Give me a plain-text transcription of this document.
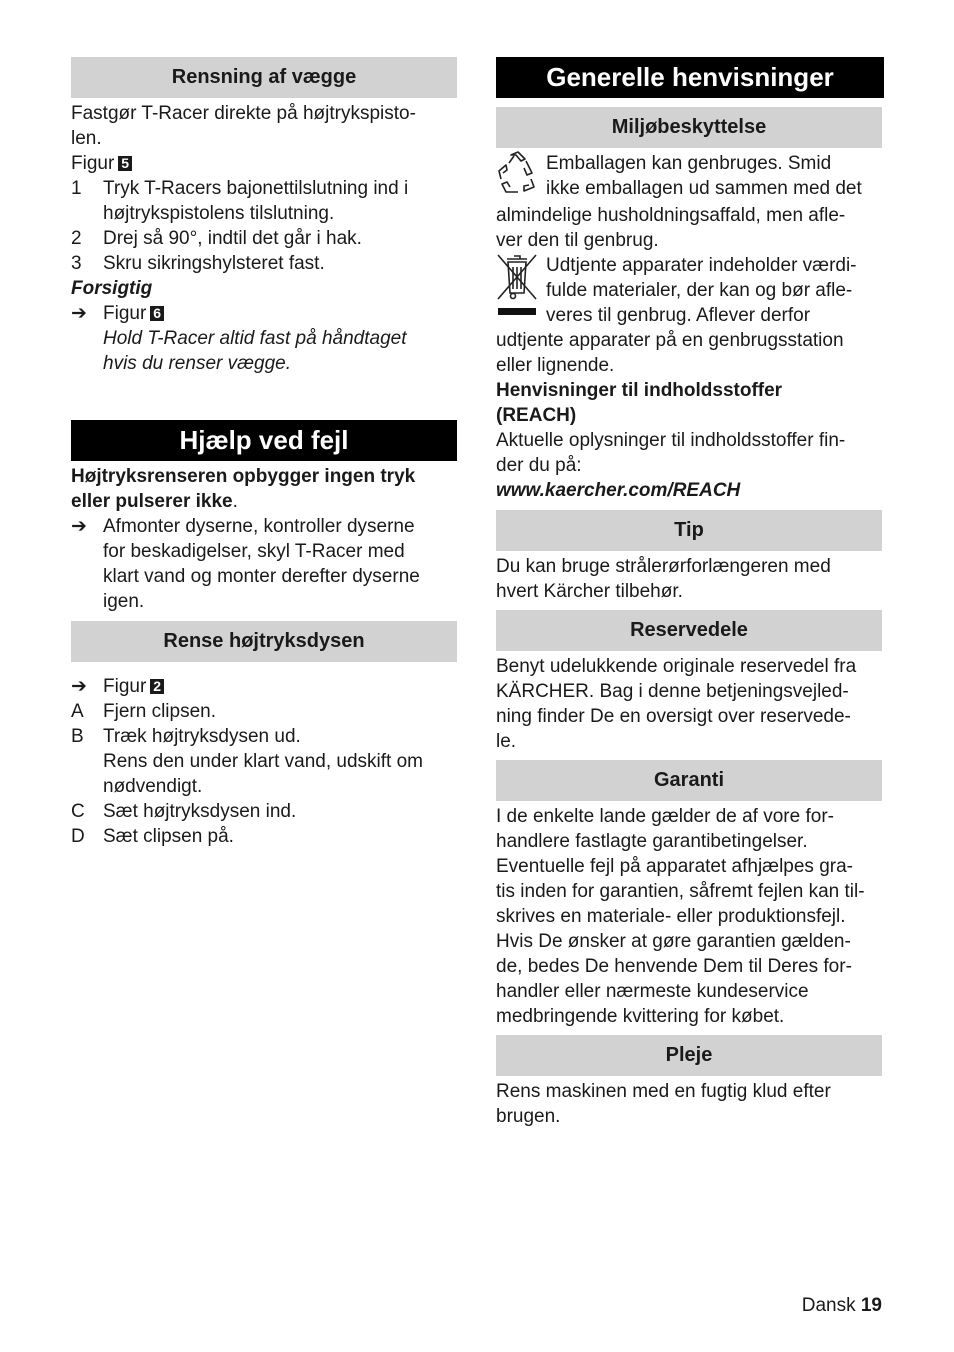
Rensning af vægge

Fastgør T-Racer direkte på højtrykspisto-

len.

Figur 5

1	Tryk T-Racers bajonettilslutning ind i
højtrykspistolens tilslutning.
2	Drej så 90°, indtil det går i hak.
3	Skru sikringshylsteret fast.

Forsigtig

➔ Figur 6
Hold T-Racer altid fast på håndtaget
hvis du renser vægge.
Hjælp ved fejl

Højtryksrenseren opbygger ingen tryk

eller pulserer ikke.

➔ Afmonter dyserne, kontroller dyserne
for beskadigelser, skyl T-Racer med
klart vand og monter derefter dyserne
igen.
Rense højtryksdysen
➔ Figur 2
A	Fjern clipsen.
B	Træk højtryksdysen ud.
Rens den under klart vand, udskift om
nødvendigt.
C Sæt højtryksdysen ind.
D Sæt clipsen på.
Generelle henvisninger
Miljøbeskyttelse

Emballagen kan genbruges. Smid

ikke emballagen ud sammen med det

almindelige husholdningsaffald, men afle-

ver den til genbrug.

Udtjente apparater indeholder værdi-

fulde materialer, der kan og bør afle-

veres til genbrug. Aflever derfor

udtjente apparater på en genbrugsstation

eller lignende.

Henvisninger til indholdsstoffer

(REACH)

Aktuelle oplysninger til indholdsstoffer fin-

der du på:

www.kaercher.com/REACH

Tip

Du kan bruge strålerørforlængeren med

hvert Kärcher tilbehør.

Reservedele

Benyt udelukkende originale reservedel fra

KÄRCHER. Bag i denne betjeningsvejled-

ning finder De en oversigt over reservede-

le.

Garanti

I de enkelte lande gælder de af vore for-

handlere fastlagte garantibetingelser.

Eventuelle fejl på apparatet afhjælpes gra-

tis inden for garantien, såfremt fejlen kan til-

skrives en materiale- eller produktionsfejl.

Hvis De ønsker at gøre garantien gælden-

de, bedes De henvende Dem til Deres for-

handler eller nærmeste kundeservice

medbringende kvittering for købet.

Pleje

Rens maskinen med en fugtig klud efter

brugen.

Dansk 19
